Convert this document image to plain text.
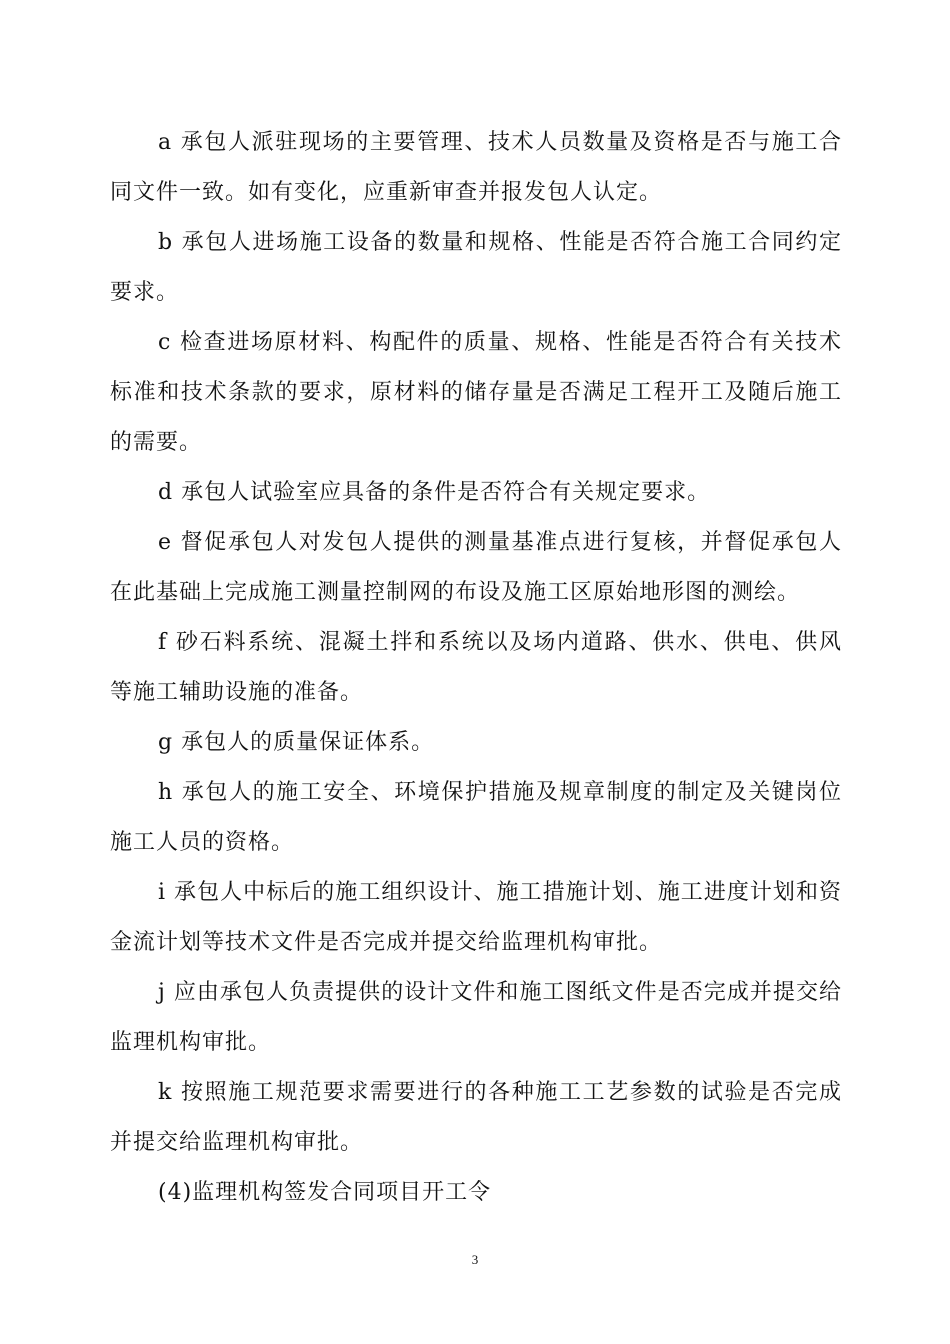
a 承包人派驻现场的主要管理、技术人员数量及资格是否与施工合同文件一致。如有变化，应重新审查并报发包人认定。

b 承包人进场施工设备的数量和规格、性能是否符合施工合同约定要求。

c 检查进场原材料、构配件的质量、规格、性能是否符合有关技术标准和技术条款的要求，原材料的储存量是否满足工程开工及随后施工的需要。

d 承包人试验室应具备的条件是否符合有关规定要求。

e 督促承包人对发包人提供的测量基准点进行复核，并督促承包人在此基础上完成施工测量控制网的布设及施工区原始地形图的测绘。

f 砂石料系统、混凝土拌和系统以及场内道路、供水、供电、供风等施工辅助设施的准备。

g 承包人的质量保证体系。

h 承包人的施工安全、环境保护措施及规章制度的制定及关键岗位施工人员的资格。

i 承包人中标后的施工组织设计、施工措施计划、施工进度计划和资金流计划等技术文件是否完成并提交给监理机构审批。

j 应由承包人负责提供的设计文件和施工图纸文件是否完成并提交给监理机构审批。

k 按照施工规范要求需要进行的各种施工工艺参数的试验是否完成并提交给监理机构审批。

(4)监理机构签发合同项目开工令

3
